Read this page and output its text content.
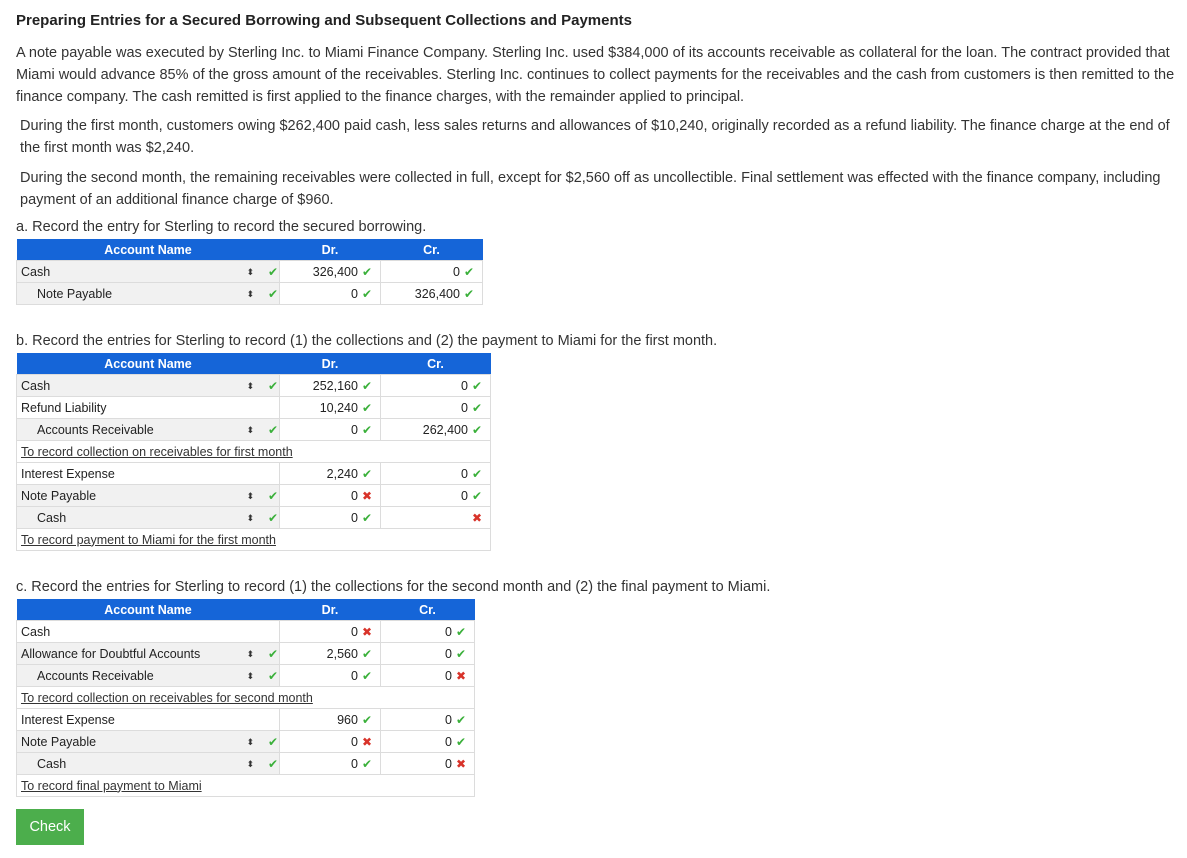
Preparing Entries for a Secured Borrowing and Subsequent Collections and Payments
A note payable was executed by Sterling Inc. to Miami Finance Company. Sterling Inc. used $384,000 of its accounts receivable as collateral for the loan. The contract provided that Miami would advance 85% of the gross amount of the receivables. Sterling Inc. continues to collect payments for the receivables and the cash from customers is then remitted to the finance company. The cash remitted is first applied to the finance charges, with the remainder applied to principal.
During the first month, customers owing $262,400 paid cash, less sales returns and allowances of $10,240, originally recorded as a refund liability. The finance charge at the end of the first month was $2,240.
During the second month, the remaining receivables were collected in full, except for $2,560 off as uncollectible. Final settlement was effected with the finance company, including payment of an additional finance charge of $960.
a. Record the entry for Sterling to record the secured borrowing.
Account Name		Dr.	Cr.
Cash	⬍ ✔	326,400 ✔	0 ✔
Note Payable	⬍ ✔	0 ✔	326,400 ✔
b. Record the entries for Sterling to record (1) the collections and (2) the payment to Miami for the first month.
Account Name		Dr.	Cr.
Cash	⬍ ✔	252,160 ✔	0 ✔
Refund Liability		10,240 ✔	0 ✔
Accounts Receivable	⬍ ✔	0 ✔	262,400 ✔
To record collection on receivables for first month			
Interest Expense		2,240 ✔	0 ✔
Note Payable	⬍ ✔	0 ✖	0 ✔
Cash	⬍ ✔	0 ✔	✖
To record payment to Miami for the first month			
c. Record the entries for Sterling to record (1) the collections for the second month and (2) the final payment to Miami.
Account Name		Dr.	Cr.
Cash		0 ✖	0 ✔
Allowance for Doubtful Accounts	⬍ ✔	2,560 ✔	0 ✔
Accounts Receivable	⬍ ✔	0 ✔	0 ✖
To record collection on receivables for second month			
Interest Expense		960 ✔	0 ✔
Note Payable	⬍ ✔	0 ✖	0 ✔
Cash	⬍ ✔	0 ✔	0 ✖
To record final payment to Miami			
Check
